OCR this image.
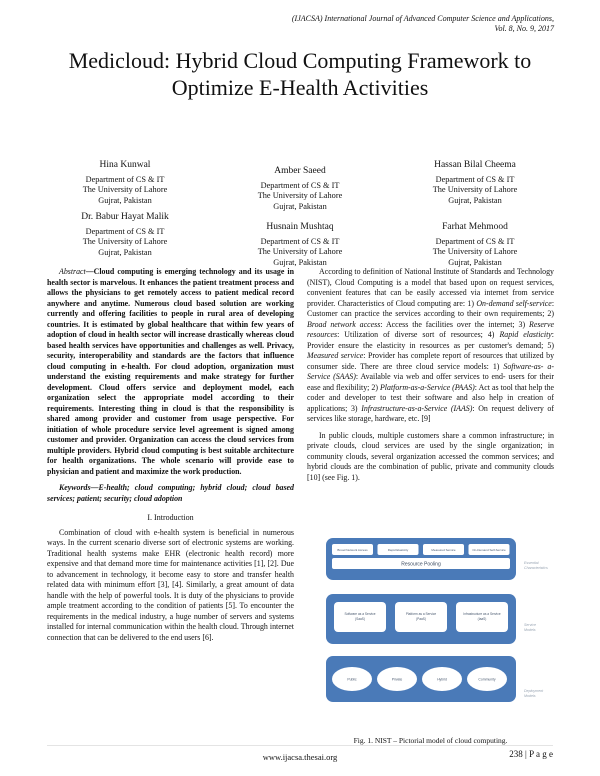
(IJACSA) International Journal of Advanced Computer Science and Applications,
Vol. 8, No. 9, 2017
Medicloud: Hybrid Cloud Computing Framework to
Optimize E-Health Activities
Hina Kunwal
Department of CS & IT
The University of Lahore
Gujrat, Pakistan
Amber Saeed
Department of CS & IT
The University of Lahore
Gujrat, Pakistan
Hassan Bilal Cheema
Department of CS & IT
The University of Lahore
Gujrat, Pakistan
Dr. Babur Hayat Malik
Department of CS & IT
The University of Lahore
Gujrat, Pakistan
Husnain Mushtaq
Department of CS & IT
The University of Lahore
Gujrat, Pakistan
Farhat Mehmood
Department of CS & IT
The University of Lahore
Gujrat, Pakistan

Abstract—Cloud computing is emerging technology and its usage in health sector is marvelous. It enhances the patient treatment process and allows the physicians to get remotely access to patient medical record anywhere and anytime. Numerous cloud based solution are working currently and offering facilities to people in rural area of developing countries. It is estimated by global healthcare that within few years of adoption of cloud in health sector will increase drastically whereas cloud based health services have opportunities and challenges as well. Privacy, security, interoperability and standards are the factors that influence cloud computing in e-health. For cloud adoption, organization must understand the existing requirements and make strategy for further development. Cloud offers service and deployment model, each organization select the appropriate model according to their requirements. Interesting thing in cloud is that the responsibility is shared among provider and customer from usage perspective. For initiation of whole procedure service level agreement is signed among customer and provider. Organization can access the cloud services from multiple providers. Hybrid cloud computing is best suitable architecture for health organizations. The whole scenario will provide ease to physician and patient and maximize the work production.

Keywords—E-health; cloud computing; hybrid cloud; cloud based services; patient; security; cloud adoption

I. Introduction

Combination of cloud with e-health system is beneficial in numerous ways. In the current scenario diverse sort of electronic systems are working. Traditional health systems make EHR (electronic health record) more expensive and that demand more time for maintenance activities [1], [2]. Due to advancement in technology, it become easy to store and transfer health related data with minimum effort [3], [4]. Similarly, a great amount of data handle with the help of powerful tools. It is duty of the physicians to provide ample treatment according to the condition of patients [5]. To encounter the requirements in the medical industry, a huge number of servers and systems installed for internal communication within the health cloud. Through internet connection that can be delivered to the end users [6].

According to definition of National Institute of Standards and Technology (NIST), Cloud Computing is a model that based upon on request services, convenient features that can be easily accessed via internet from service provider. Characteristics of Cloud computing are: 1) On-demand self-service: Customer can practice the services according to their own requirements; 2) Broad network access: Access the facilities over the internet; 3) Reserve resources: Utilization of diverse sort of resources; 4) Rapid elasticity: Provider ensure the elasticity in resources as per customer's demand; 5) Measured service: Provider has complete report of resources that utilized by consumer side. There are three cloud service models: 1) Software-as- a-Service (SAAS): Available via web and offer services to end- users for their ease and flexibility; 2) Platform-as-a-Service (PAAS): Act as tool that help the coder and developer to test their software and also help in creation of applications; 3) Infrastructure-as-a-Service (IAAS): On request delivery of services like storage, hardware, etc. [9]

In public clouds, multiple customers share a common infrastructure; in private clouds, cloud services are used by the single organization; in community clouds, several organization accessed the common services; and hybrid clouds are the combination of public, private and community clouds [10] (see Fig. 1).

Broad Network Access	Rapid Elasticity	Measured Service	On-Demand Self-Service
Resource Pooling
Software as a Service
(SaaS)
Platform as a Service
(PaaS)
Infrastructure as a Service
(IaaS)
Public	Private	Hybrid	Community
Essential
Characteristics
Service
Models
Deployment
Models
Fig. 1. NIST – Pictorial model of cloud computing.
www.ijacsa.thesai.org	238 | P a g e
